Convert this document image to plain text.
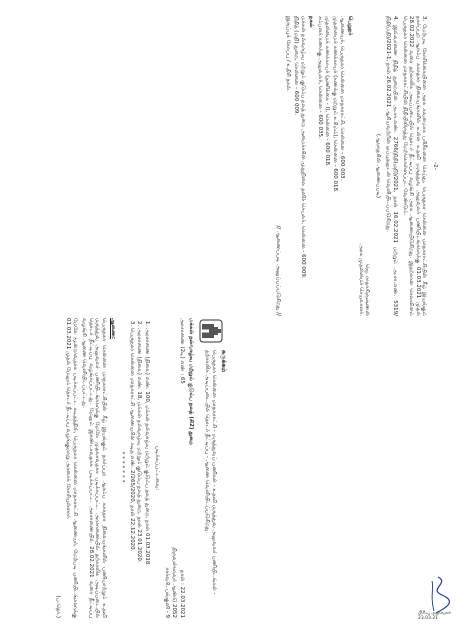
சுருக்கம்
பெருநகர சென்னை மாநகராட்சி - மருத்துவப் பணிகள் - உதவி மருத்துவ அலுவலர் பணியிடங்கள் - தற்காலிக அடிப்படையில் தொடர் நீட்டிப்பு - ஆணை வெளியிடப்படுகிறது.
மக்கள் நல்வாழ்வு மற்றும் குடும்ப நலத் (சி2) துறை
அரசாணை (2டி) எண் : 65
நாள் : 22.03.2021
திருவள்ளுவர் ஆண்டு 2052
சார்வரி, பங்குனி - 9
படிக்கப்பட்டவை:
1. அரசாணை (நிலை) எண். 100, மக்கள் நல்வாழ்வு மற்றும் குடும்ப நலத் துறை, நாள் 01.03.2018.
2. அரசாணை (நிலை) எண். 18, மக்கள் நல்வாழ்வு மற்றும் குடும்ப நலத் துறை, நாள் 23.01.2020.
3. பெருநகர சென்னை மாநகராட்சி ஆணையரின் கடித எண். 2/265/2020, நாள் 22.12.2020.
*******
ஆணை:

பெருநகர சென்னை மாநகராட்சியின் கீழ் இயங்கும் நகர்ப்புற ஆரம்ப சுகாதார நிலையங்களில் பணியாற்றும் உதவி மருத்துவ அலுவலர் பணியிடங்களுக்கு மேலே முதலாவதாக படிக்கப்பட்ட அரசாணையில் தற்காலிக அடிப்படையில் தொடர் நீட்டிப்பு வழங்கப்பட்டது. மேலும் இரண்டாவதாக படிக்கப்பட்ட அரசாணையில் 28.02.2021 வரை நீட்டிப்பு வழங்கி ஆணை வெளியிடப்பட்டது.

மேலே மூன்றாவதாக படிக்கப்பட்ட கடிதத்தில், பெருநகர சென்னை மாநகராட்சி ஆணையர், மேற்படி பணியிடங்களுக்கு 01.03.2021 முதல் மேலும் தொடர் நீட்டிப்பு வழங்குமாறு அரசைக் கோரியுள்ளார்.

(ப.தொ.)
-2-

3. மேற்படி கோரிக்கையினை அரசு கவனமாக பரிசீலனை செய்து, பெருநகர சென்னை மாநகராட்சியின் கீழ் இயங்கும் நகர்ப்புற ஆரம்ப சுகாதார நிலையங்களில் உள்ள உதவி மருத்துவ அலுவலர் பணியிடங்களுக்கு 01.03.2021 முதல் 28.02.2022 வரை தற்காலிக அடிப்படையில் தொடர் நீட்டிப்பு வழங்கி அரசு ஆணையிடுகிறது. இதற்கான செலவினம் பெருநகர சென்னை மாநகராட்சியின் நிதியிலிருந்து மேற்கொள்ளப்பட வேண்டும்.

4. இவ்வாணை நிதித் துறையின் அ.சா.எண். 2766/நிதி(மநி)/2021, நாள் 16.02.2021 மற்றும் அ.சா.எண். 5319/நிதி(மநி)/2021-1, நாள் 26.02.2021 ஆகியவற்றின் ஒப்புதலுடன் வெளியிடப்படுகிறது.

(ஆளுநரின் ஆணைப்படி)
ஜெ. ராதாகிருஷ்ணன்
அரசு முதன்மைச் செயலாளர்.
பெறுநர்
ஆணையர், பெருநகர சென்னை மாநகராட்சி, சென்னை - 600 003.
முதன்மைக் கணக்காயர் (கணக்கு மற்றும் உரிமம்), சென்னை - 600 018.
முதன்மைக் கணக்காயர் (தணிக்கை - I), சென்னை - 600 018.
சம்பளக் கணக்கு அலுவலர், சென்னை - 600 035.
நகல்
மக்கள் நல்வாழ்வு மற்றும் குடும்ப நலத் துறை அமைச்சரின் முதுநிலை தனிச் செயலர், சென்னை - 600 009.
நிதித் (மநி) துறை, சென்னை - 600 009.
இருப்புக் கோப்பு / உதிரி நகல்.
// ஆணைப்படி அனுப்பப்படுகிறது //
பிரிவு அலுவலர்
23.03.21
